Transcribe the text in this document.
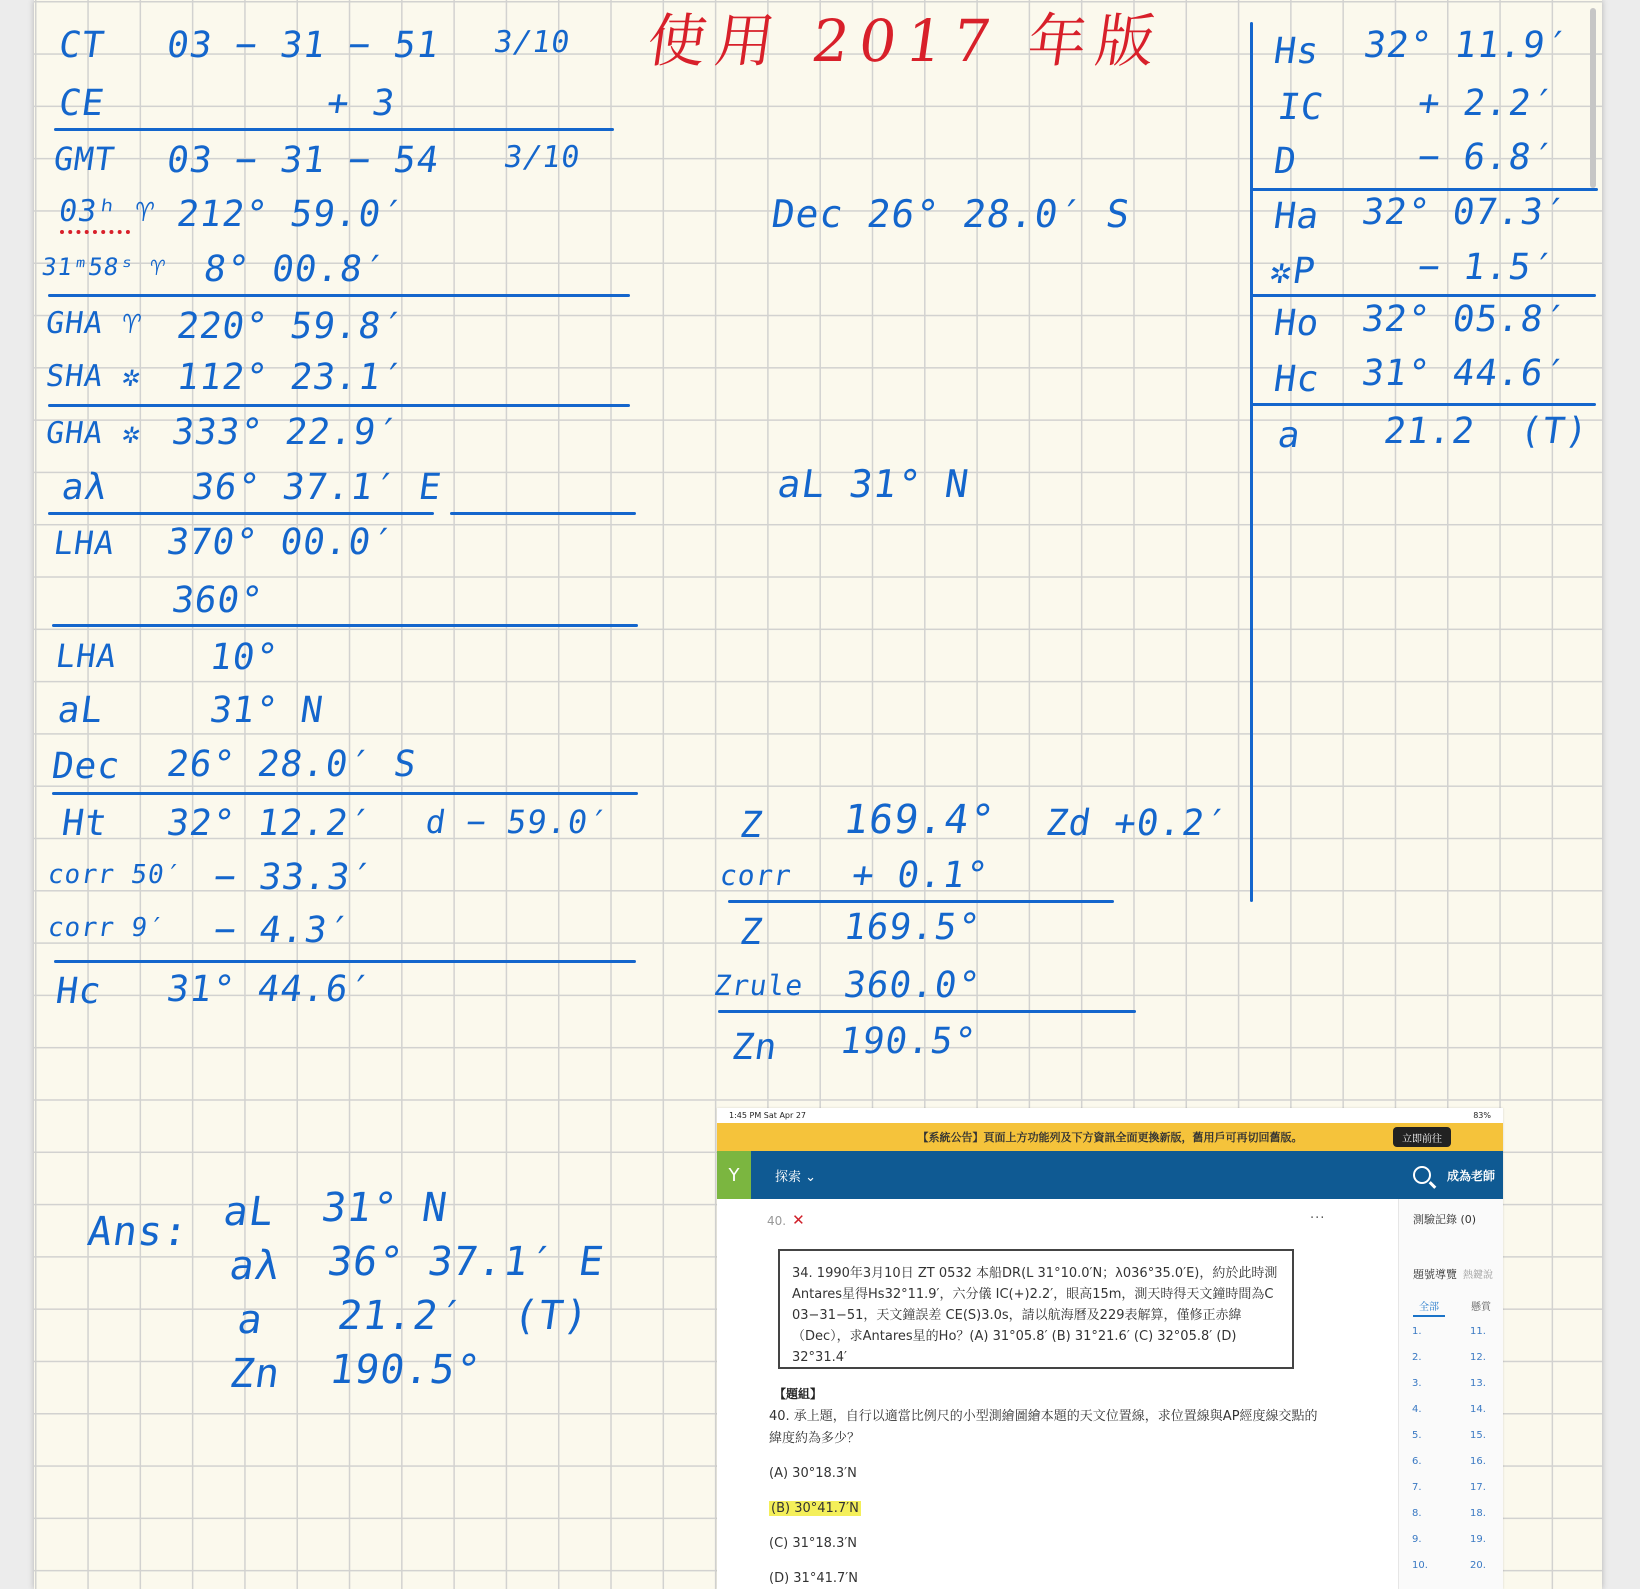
使用 2017 年版
CT 03 − 31 − 51 3/10
CE	+ 3
GMT 03 − 31 − 54 3/10
03ʰ ♈ 212° 59.0′
31ᵐ58ˢ ♈ 8° 00.8′
GHA ♈ 220° 59.8′
SHA ✲ 112° 23.1′
GHA ✲ 333° 22.9′
aλ 36° 37.1′ E
LHA 370° 00.0′
360°
LHA 10°
aL	31° N
Dec 26° 28.0′ S
Ht 32° 12.2′ d − 59.0′
corr 50′ − 33.3′
corr 9′ − 4.3′
Hc 31° 44.6′
Dec 26° 28.0′ S
aL 31° N
Z 169.4° Zd +0.2′
corr + 0.1°
Z 169.5°
Zrule 360.0°
Zn 190.5°
Hs 32° 11.9′
IC + 2.2′
D	− 6.8′
Ha 32° 07.3′
✲P	− 1.5′
Ho 32° 05.8′
Hc 31° 44.6′
a 21.2  (T)
Ans: aL 31° N
aλ 36° 37.1′ E
a 21.2′  (T)
Zn 190.5°
1:45 PM Sat Apr 27	83%
【系統公告】頁面上方功能列及下方資訊全面更換新版，舊用戶可再切回舊版。	立即前往
Y	探索 ⌄	成為老師
40. ✕	···
34. 1990年3月10日 ZT 0532 本船DR(L 31°10.0′N；λ036°35.0′E)，約於此時測Antares星得Hs32°11.9′，六分儀 IC(+)2.2′，眼高15m，測天時得天文鐘時間為C 03−31−51，天文鐘誤差 CE(S)3.0s，請以航海曆及229表解算，僅修正赤緯（Dec），求Antares星的Ho？(A) 31°05.8′ (B) 31°21.6′ (C) 32°05.8′ (D) 32°31.4′
【題組】
40. 承上題，自行以適當比例尺的小型測繪圖繪本題的天文位置線，求位置線與AP經度線交點的緯度約為多少？
(A) 30°18.3′N
(B) 30°41.7′N
(C) 31°18.3′N
(D) 31°41.7′N
測驗記錄 (0)
題號導覽 熱鍵說
全部	懸賞
1.	11.
2.	12.
3.	13.
4.	14.
5.	15.
6.	16.
7.	17.
8.	18.
9.	19.
10.	20.
